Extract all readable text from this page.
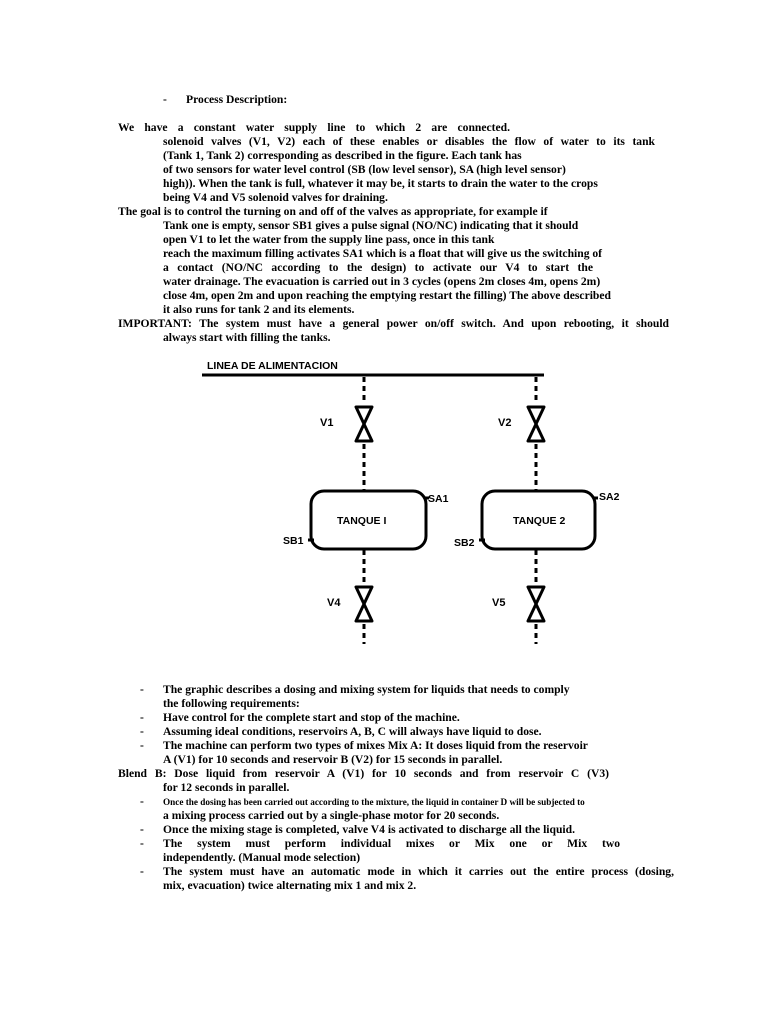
- Process Description:
We have a constant water supply line to which 2 are connected.
solenoid valves (V1, V2) each of these enables or disables the flow of water to its tank
(Tank 1, Tank 2) corresponding as described in the figure. Each tank has
of two sensors for water level control (SB (low level sensor), SA (high level sensor)
high)). When the tank is full, whatever it may be, it starts to drain the water to the crops
being V4 and V5 solenoid valves for draining.
The goal is to control the turning on and off of the valves as appropriate, for example if
Tank one is empty, sensor SB1 gives a pulse signal (NO/NC) indicating that it should
open V1 to let the water from the supply line pass, once in this tank
reach the maximum filling activates SA1 which is a float that will give us the switching of
a contact (NO/NC according to the design) to activate our V4 to start the
water drainage. The evacuation is carried out in 3 cycles (opens 2m closes 4m, opens 2m)
close 4m, open 2m and upon reaching the emptying restart the filling) The above described
it also runs for tank 2 and its elements.
IMPORTANT: The system must have a general power on/off switch. And upon rebooting, it should
always start with filling the tanks.
LINEA DE ALIMENTACION
V1	V2
V4	V5
TANQUE I	TANQUE 2
SA1
SB1
SA2
SB2
- The graphic describes a dosing and mixing system for liquids that needs to comply
the following requirements:
- Have control for the complete start and stop of the machine.
- Assuming ideal conditions, reservoirs A, B, C will always have liquid to dose.
- The machine can perform two types of mixes Mix A: It doses liquid from the reservoir
A (V1) for 10 seconds and reservoir B (V2) for 15 seconds in parallel.
Blend B: Dose liquid from reservoir A (V1) for 10 seconds and from reservoir C (V3)
for 12 seconds in parallel.
- Once the dosing has been carried out according to the mixture, the liquid in container D will be subjected to
a mixing process carried out by a single-phase motor for 20 seconds.
- Once the mixing stage is completed, valve V4 is activated to discharge all the liquid.
- The system must perform individual mixes or Mix one or Mix two
independently. (Manual mode selection)
- The system must have an automatic mode in which it carries out the entire process (dosing,
mix, evacuation) twice alternating mix 1 and mix 2.
